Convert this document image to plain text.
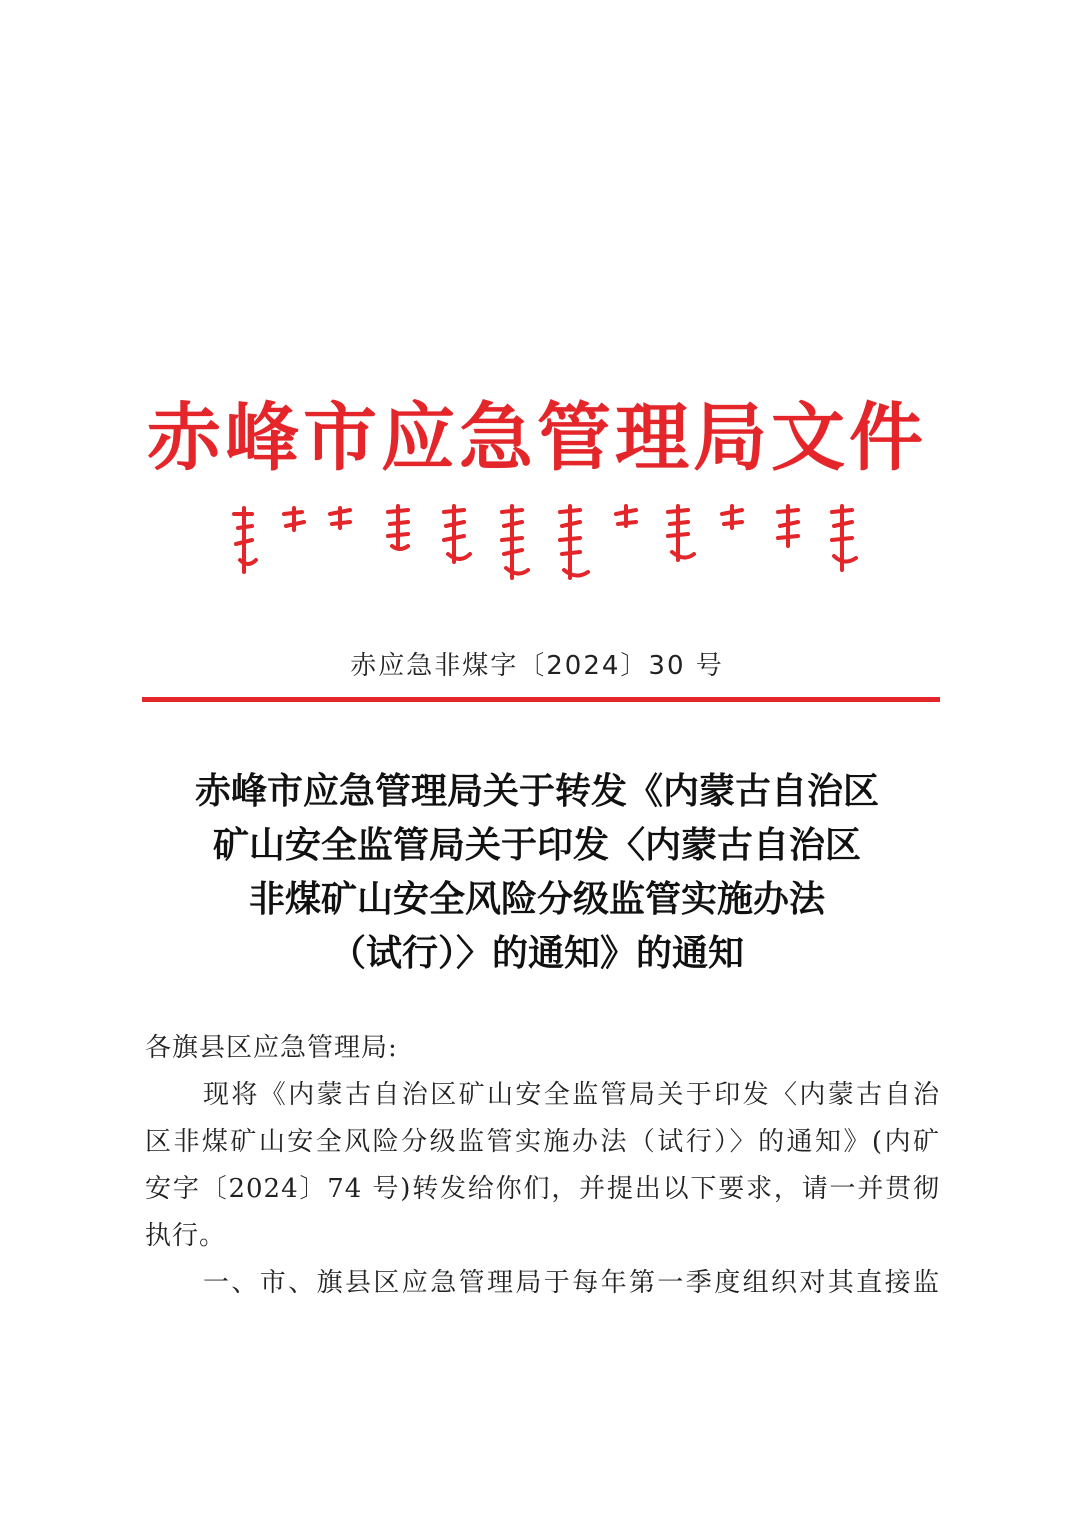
赤峰市应急管理局文件
赤应急非煤字〔2024〕30 号
赤峰市应急管理局关于转发《内蒙古自治区
矿山安全监管局关于印发〈内蒙古自治区
非煤矿山安全风险分级监管实施办法
（试行）〉的通知》的通知
各旗县区应急管理局:
现将《内蒙古自治区矿山安全监管局关于印发〈内蒙古自治
区非煤矿山安全风险分级监管实施办法（试行）〉的通知》(内矿
安字〔2024〕74 号)转发给你们，并提出以下要求，请一并贯彻
执行。
一、市、旗县区应急管理局于每年第一季度组织对其直接监
